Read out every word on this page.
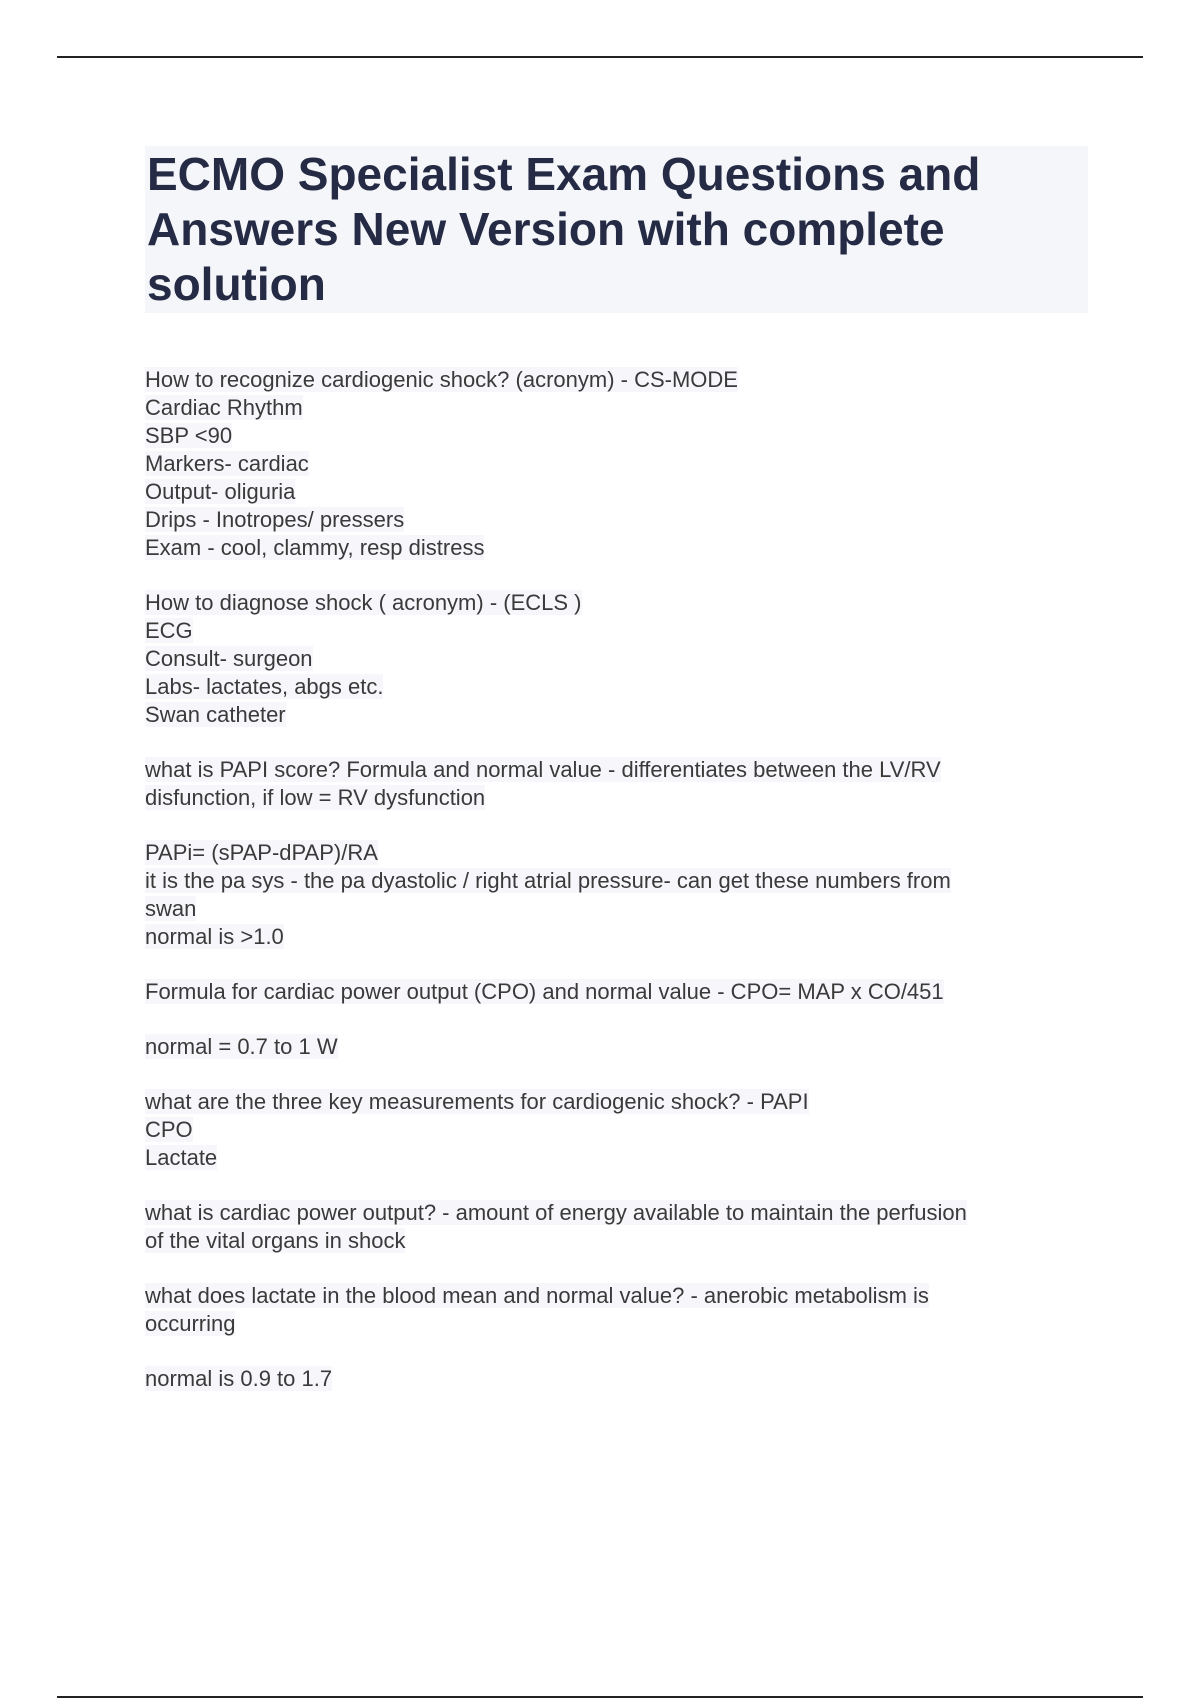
ECMO Specialist Exam Questions and Answers New Version with complete solution
How to recognize cardiogenic shock? (acronym) - CS-MODE
Cardiac Rhythm
SBP <90
Markers- cardiac
Output- oliguria
Drips - Inotropes/ pressers
Exam - cool, clammy, resp distress
How to diagnose shock ( acronym) - (ECLS )
ECG
Consult- surgeon
Labs- lactates, abgs etc.
Swan catheter
what is PAPI score? Formula and normal value - differentiates between the LV/RV
disfunction, if low = RV dysfunction
PAPi= (sPAP-dPAP)/RA
it is the pa sys - the pa dyastolic / right atrial pressure- can get these numbers from
swan
normal is >1.0
Formula for cardiac power output (CPO) and normal value - CPO= MAP x CO/451
normal = 0.7 to 1 W
what are the three key measurements for cardiogenic shock? - PAPI
CPO
Lactate
what is cardiac power output? - amount of energy available to maintain the perfusion
of the vital organs in shock
what does lactate in the blood mean and normal value? - anerobic metabolism is
occurring
normal is 0.9 to 1.7
